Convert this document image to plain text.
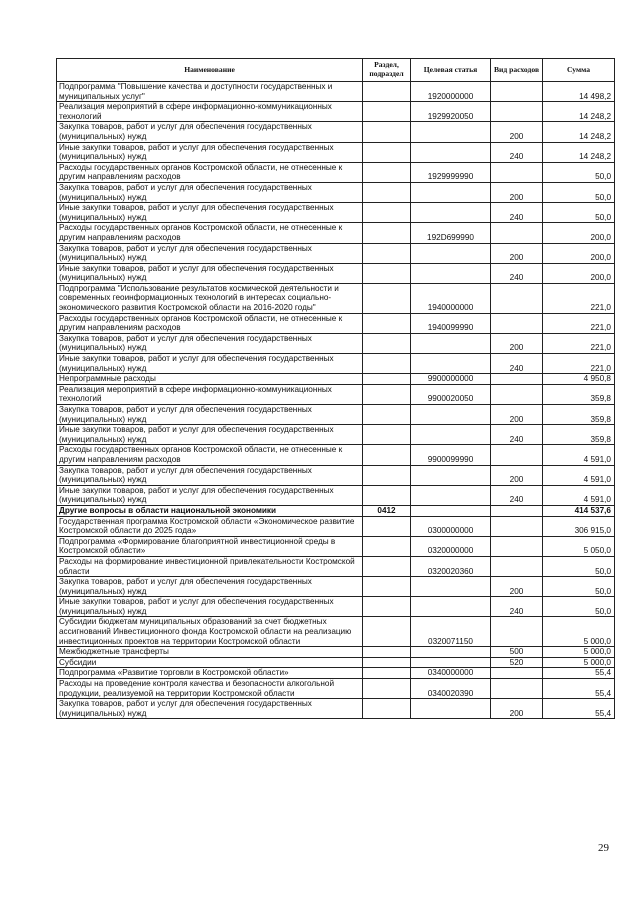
Наименование	Раздел, подраздел	Целевая статья	Вид расходов	Сумма
Подпрограмма "Повышение качества и доступности государственных и муниципальных услуг"		1920000000		14 498,2
Реализация мероприятий в сфере информационно-коммуникационных технологий		1929920050		14 248,2
Закупка товаров, работ и услуг для обеспечения государственных (муниципальных) нужд			200	14 248,2
Иные закупки товаров, работ и услуг для обеспечения государственных (муниципальных) нужд			240	14 248,2
Расходы государственных органов Костромской области, не отнесенные к другим направлениям расходов		1929999990		50,0
Закупка товаров, работ и услуг для обеспечения государственных (муниципальных) нужд			200	50,0
Иные закупки товаров, работ и услуг для обеспечения государственных (муниципальных) нужд			240	50,0
Расходы государственных органов Костромской области, не отнесенные к другим направлениям расходов		192D699990		200,0
Закупка товаров, работ и услуг для обеспечения государственных (муниципальных) нужд			200	200,0
Иные закупки товаров, работ и услуг для обеспечения государственных (муниципальных) нужд			240	200,0
Подпрограмма "Использование результатов космической деятельности и современных геоинформационных технологий в интересах социально-экономического развития Костромской области на 2016-2020 годы"		1940000000		221,0
Расходы государственных органов Костромской области, не отнесенные к другим направлениям расходов		1940099990		221,0
Закупка товаров, работ и услуг для обеспечения государственных (муниципальных) нужд			200	221,0
Иные закупки товаров, работ и услуг для обеспечения государственных (муниципальных) нужд			240	221,0
Непрограммные расходы		9900000000		4 950,8
Реализация мероприятий в сфере информационно-коммуникационных технологий		9900020050		359,8
Закупка товаров, работ и услуг для обеспечения государственных (муниципальных) нужд			200	359,8
Иные закупки товаров, работ и услуг для обеспечения государственных (муниципальных) нужд			240	359,8
Расходы государственных органов Костромской области, не отнесенные к другим направлениям расходов		9900099990		4 591,0
Закупка товаров, работ и услуг для обеспечения государственных (муниципальных) нужд			200	4 591,0
Иные закупки товаров, работ и услуг для обеспечения государственных (муниципальных) нужд			240	4 591,0
Другие вопросы в области национальной экономики	0412			414 537,6
Государственная программа Костромской области «Экономическое развитие Костромской области до 2025 года»		0300000000		306 915,0
Подпрограмма «Формирование благоприятной инвестиционной среды в Костромской области»		0320000000		5 050,0
Расходы на формирование инвестиционной привлекательности Костромской области		0320020360		50,0
Закупка товаров, работ и услуг для обеспечения государственных (муниципальных) нужд			200	50,0
Иные закупки товаров, работ и услуг для обеспечения государственных (муниципальных) нужд			240	50,0
Субсидии бюджетам муниципальных образований за счет бюджетных ассигнований Инвестиционного фонда Костромской области на реализацию инвестиционных проектов на территории Костромской области		0320071150		5 000,0
Межбюджетные трансферты			500	5 000,0
Субсидии			520	5 000,0
Подпрограмма «Развитие торговли в Костромской области»		0340000000		55,4
Расходы на проведение контроля качества и безопасности алкогольной продукции, реализуемой на территории Костромской области		0340020390		55,4
Закупка товаров, работ и услуг для обеспечения государственных (муниципальных) нужд			200	55,4
29
